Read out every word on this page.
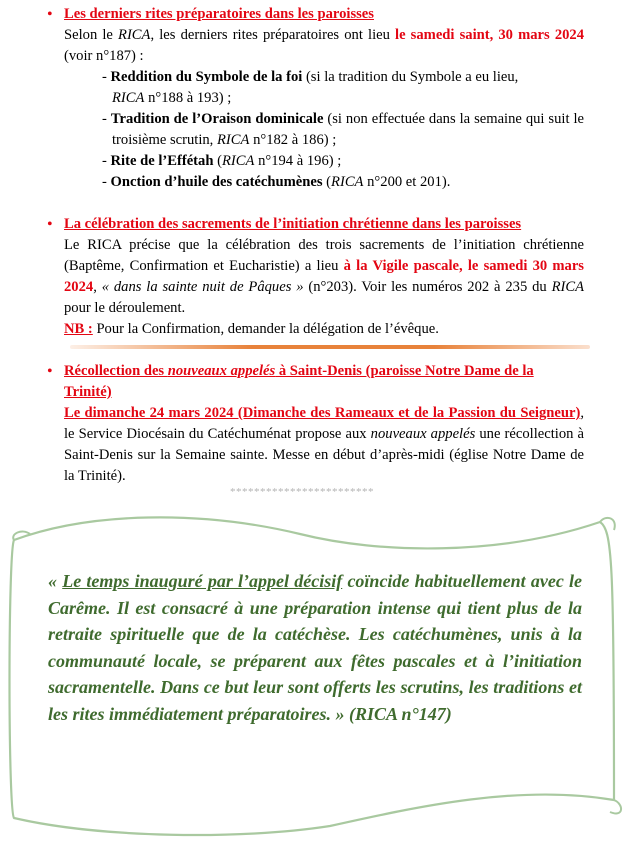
• Les derniers rites préparatoires dans les paroisses
Selon le RICA, les derniers rites préparatoires ont lieu le samedi saint, 30 mars 2024 (voir n°187) :
- Reddition du Symbole de la foi (si la tradition du Symbole a eu lieu,
RICA n°188 à 193) ;
- Tradition de l’Oraison dominicale (si non effectuée dans la semaine qui suit le troisième scrutin, RICA n°182 à 186) ;
- Rite de l’Effétah (RICA n°194 à 196) ;
- Onction d’huile des catéchumènes (RICA n°200 et 201).
• La célébration des sacrements de l’initiation chrétienne dans les paroisses
Le RICA précise que la célébration des trois sacrements de l’initiation chrétienne (Baptême, Confirmation et Eucharistie) a lieu à la Vigile pascale, le samedi 30 mars 2024, « dans la sainte nuit de Pâques » (n°203). Voir les numéros 202 à 235 du RICA pour le déroulement.
NB : Pour la Confirmation, demander la délégation de l’évêque.
• Récollection des nouveaux appelés à Saint-Denis (paroisse Notre Dame de la Trinité)
Le dimanche 24 mars 2024 (Dimanche des Rameaux et de la Passion du Seigneur), le Service Diocésain du Catéchuménat propose aux nouveaux appelés une récollection à Saint-Denis sur la Semaine sainte. Messe en début d’après-midi (église Notre Dame de la Trinité).
************************
« Le temps inauguré par l’appel décisif coïncide habituellement avec le Carême. Il est consacré à une préparation intense qui tient plus de la retraite spirituelle que de la catéchèse. Les catéchumènes, unis à la communauté locale, se préparent aux fêtes pascales et à l’initiation sacramentelle. Dans ce but leur sont offerts les scrutins, les traditions et les rites immédiatement préparatoires. » (RICA n°147)
